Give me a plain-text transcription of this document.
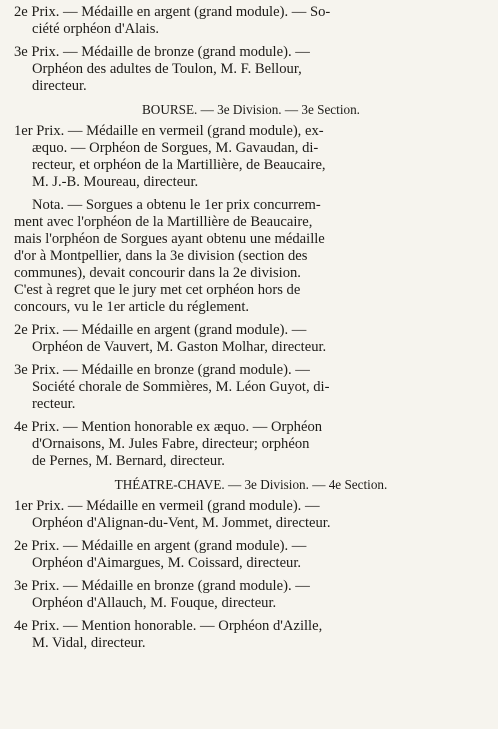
2e Prix. — Médaille en argent (grand module). — So-
ciété orphéon d'Alais.

3e Prix. — Médaille de bronze (grand module). —
Orphéon des adultes de Toulon, M. F. Bellour,
directeur.

BOURSE. — 3e Division. — 3e Section.

1er Prix. — Médaille en vermeil (grand module), ex-
æquo. — Orphéon de Sorgues, M. Gavaudan, di-
recteur, et orphéon de la Martillière, de Beaucaire,
M. J.-B. Moureau, directeur.

Nota. — Sorgues a obtenu le 1er prix concurrem-
ment avec l'orphéon de la Martillière de Beaucaire,
mais l'orphéon de Sorgues ayant obtenu une médaille
d'or à Montpellier, dans la 3e division (section des
communes), devait concourir dans la 2e division.
C'est à regret que le jury met cet orphéon hors de
concours, vu le 1er article du réglement.

2e Prix. — Médaille en argent (grand module). —
Orphéon de Vauvert, M. Gaston Molhar, directeur.

3e Prix. — Médaille en bronze (grand module). —
Société chorale de Sommières, M. Léon Guyot, di-
recteur.

4e Prix. — Mention honorable ex æquo. — Orphéon
d'Ornaisons, M. Jules Fabre, directeur; orphéon
de Pernes, M. Bernard, directeur.

THÉATRE-CHAVE. — 3e Division. — 4e Section.

1er Prix. — Médaille en vermeil (grand module). —
Orphéon d'Alignan-du-Vent, M. Jommet, directeur.

2e Prix. — Médaille en argent (grand module). —
Orphéon d'Aimargues, M. Coissard, directeur.

3e Prix. — Médaille en bronze (grand module). —
Orphéon d'Allauch, M. Fouque, directeur.

4e Prix. — Mention honorable. — Orphéon d'Azille,
M. Vidal, directeur.
